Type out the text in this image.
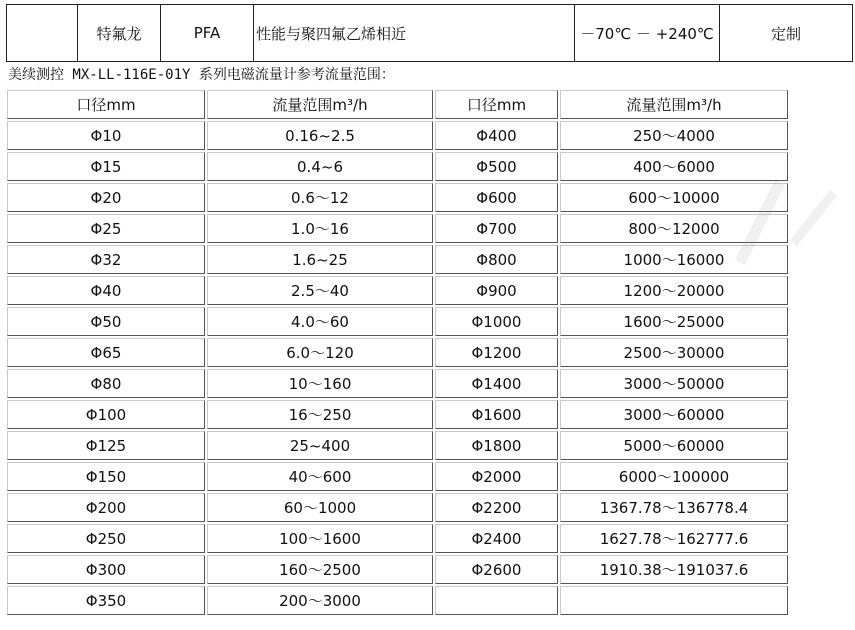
	特氟龙	PFA	性能与聚四氟乙烯相近	－70℃ － +240℃	定制
美续测控 MX-LL-116E-01Y 系列电磁流量计参考流量范围：
口径mm	流量范围m³/h	口径mm	流量范围m³/h
Φ10	0.16~2.5	Φ400	250～4000
Φ15	0.4~6	Φ500	400～6000
Φ20	0.6～12	Φ600	600～10000
Φ25	1.0～16	Φ700	800～12000
Φ32	1.6~25	Φ800	1000～16000
Φ40	2.5～40	Φ900	1200～20000
Φ50	4.0～60	Φ1000	1600～25000
Φ65	6.0～120	Φ1200	2500～30000
Φ80	10～160	Φ1400	3000～50000
Φ100	16～250	Φ1600	3000～60000
Φ125	25~400	Φ1800	5000～60000
Φ150	40～600	Φ2000	6000～100000
Φ200	60～1000	Φ2200	1367.78～136778.4
Φ250	100～1600	Φ2400	1627.78～162777.6
Φ300	160～2500	Φ2600	1910.38～191037.6
Φ350	200～3000		
